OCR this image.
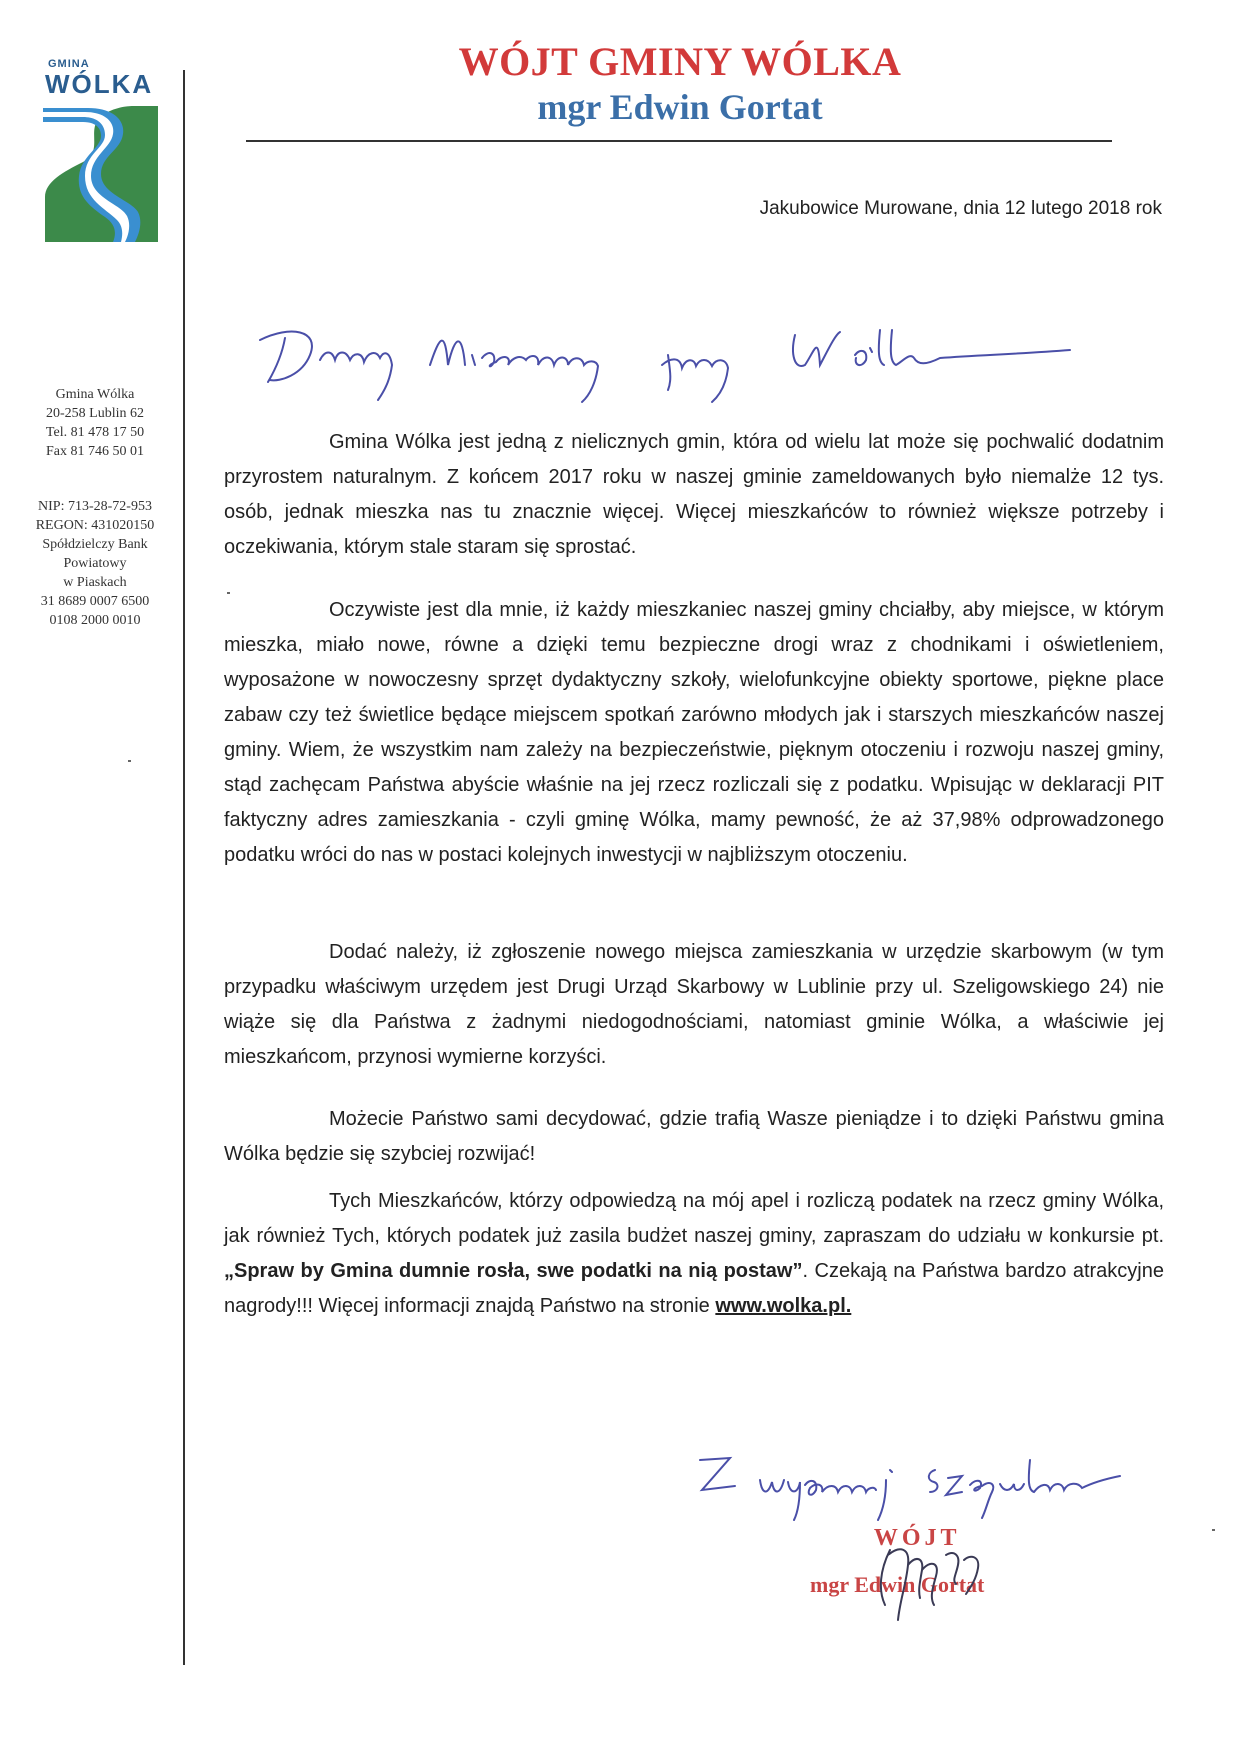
GMINA
WÓLKA
Gmina Wólka
20-258 Lublin 62
Tel. 81 478 17 50
Fax 81 746 50 01
NIP: 713-28-72-953
REGON: 431020150
Spółdzielczy Bank
Powiatowy
w Piaskach
31 8689 0007 6500
0108 2000 0010
WÓJT GMINY WÓLKA
mgr Edwin Gortat
Jakubowice Murowane, dnia 12 lutego 2018 rok

Gmina Wólka jest jedną z nielicznych gmin, która od wielu lat może się pochwalić dodatnim przyrostem naturalnym. Z końcem 2017 roku w naszej gminie zameldowanych było niemalże 12 tys. osób, jednak mieszka nas tu znacznie więcej. Więcej mieszkańców to również większe potrzeby i oczekiwania, którym stale staram się sprostać.

Oczywiste jest dla mnie, iż każdy mieszkaniec naszej gminy chciałby, aby miejsce, w którym mieszka, miało nowe, równe a dzięki temu bezpieczne drogi wraz z chodnikami i oświetleniem, wyposażone w nowoczesny sprzęt dydaktyczny szkoły, wielofunkcyjne obiekty sportowe, piękne place zabaw czy też świetlice będące miejscem spotkań zarówno młodych jak i starszych mieszkańców naszej gminy. Wiem, że wszystkim nam zależy na bezpieczeństwie, pięknym otoczeniu i rozwoju naszej gminy, stąd zachęcam Państwa abyście właśnie na jej rzecz rozliczali się z podatku. Wpisując w deklaracji PIT faktyczny adres zamieszkania - czyli gminę Wólka, mamy pewność, że aż 37,98% odprowadzonego podatku wróci do nas w postaci kolejnych inwestycji w najbliższym otoczeniu.

Dodać należy, iż zgłoszenie nowego miejsca zamieszkania w urzędzie skarbowym (w tym przypadku właściwym urzędem jest Drugi Urząd Skarbowy w Lublinie przy ul. Szeligowskiego 24) nie wiąże się dla Państwa z żadnymi niedogodnościami, natomiast gminie Wólka, a właściwie jej mieszkańcom, przynosi wymierne korzyści.

Możecie Państwo sami decydować, gdzie trafią Wasze pieniądze i to dzięki Państwu gmina Wólka będzie się szybciej rozwijać!

Tych Mieszkańców, którzy odpowiedzą na mój apel i rozliczą podatek na rzecz gminy Wólka, jak również Tych, których podatek już zasila budżet naszej gminy, zapraszam do udziału w konkursie pt. „Spraw by Gmina dumnie rosła, swe podatki na nią postaw”. Czekają na Państwa bardzo atrakcyjne nagrody!!! Więcej informacji znajdą Państwo na stronie www.wolka.pl.

WÓJT
mgr Edwin Gortat
